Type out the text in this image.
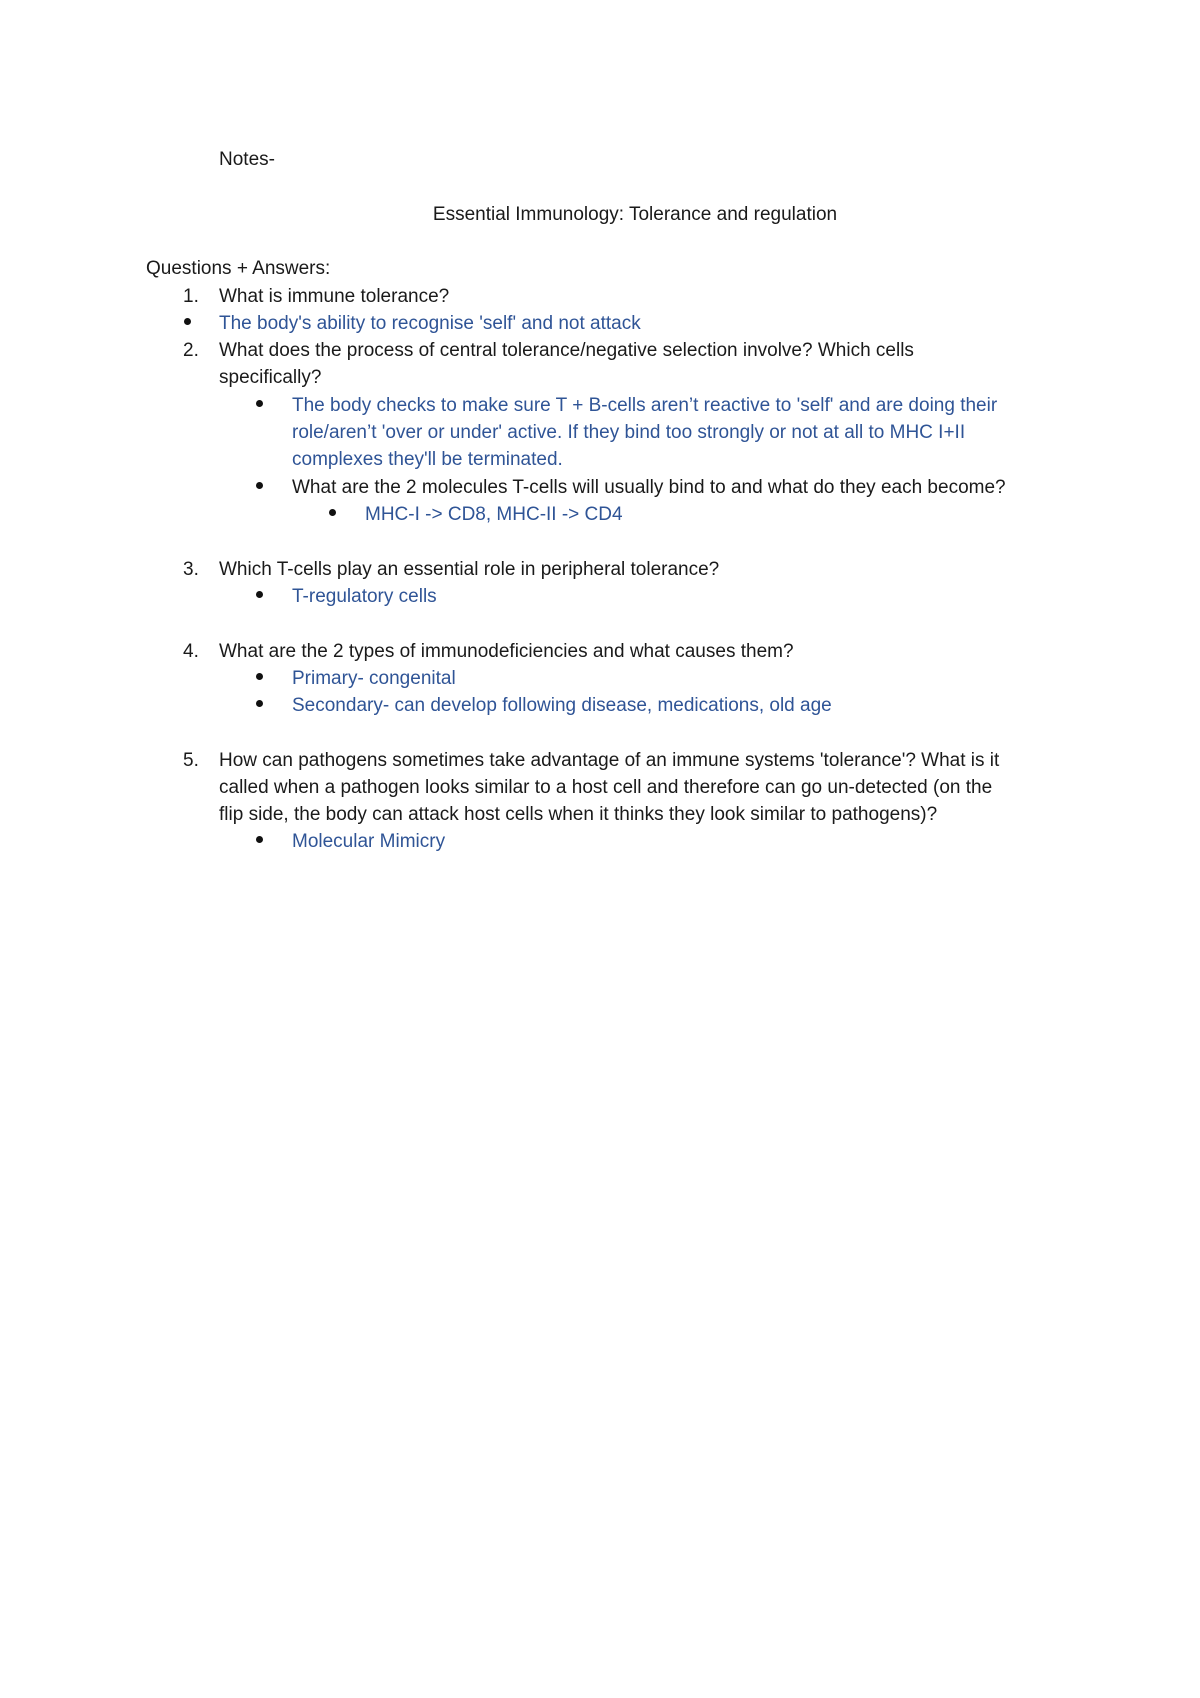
Notes-
Essential Immunology: Tolerance and regulation
Questions + Answers:
1. What is immune tolerance?
The body's ability to recognise 'self' and not attack
2. What does the process of central tolerance/negative selection involve? Which cells
specifically?
The body checks to make sure T + B-cells aren’t reactive to 'self' and are doing their
role/aren’t 'over or under' active. If they bind too strongly or not at all to MHC I+II
complexes they'll be terminated.
What are the 2 molecules T-cells will usually bind to and what do they each become?
MHC-I -> CD8, MHC-II -> CD4
3. Which T-cells play an essential role in peripheral tolerance?
T-regulatory cells
4. What are the 2 types of immunodeficiencies and what causes them?
Primary- congenital
Secondary- can develop following disease, medications, old age
5. How can pathogens sometimes take advantage of an immune systems 'tolerance'? What is it
called when a pathogen looks similar to a host cell and therefore can go un-detected (on the
flip side, the body can attack host cells when it thinks they look similar to pathogens)?
Molecular Mimicry
